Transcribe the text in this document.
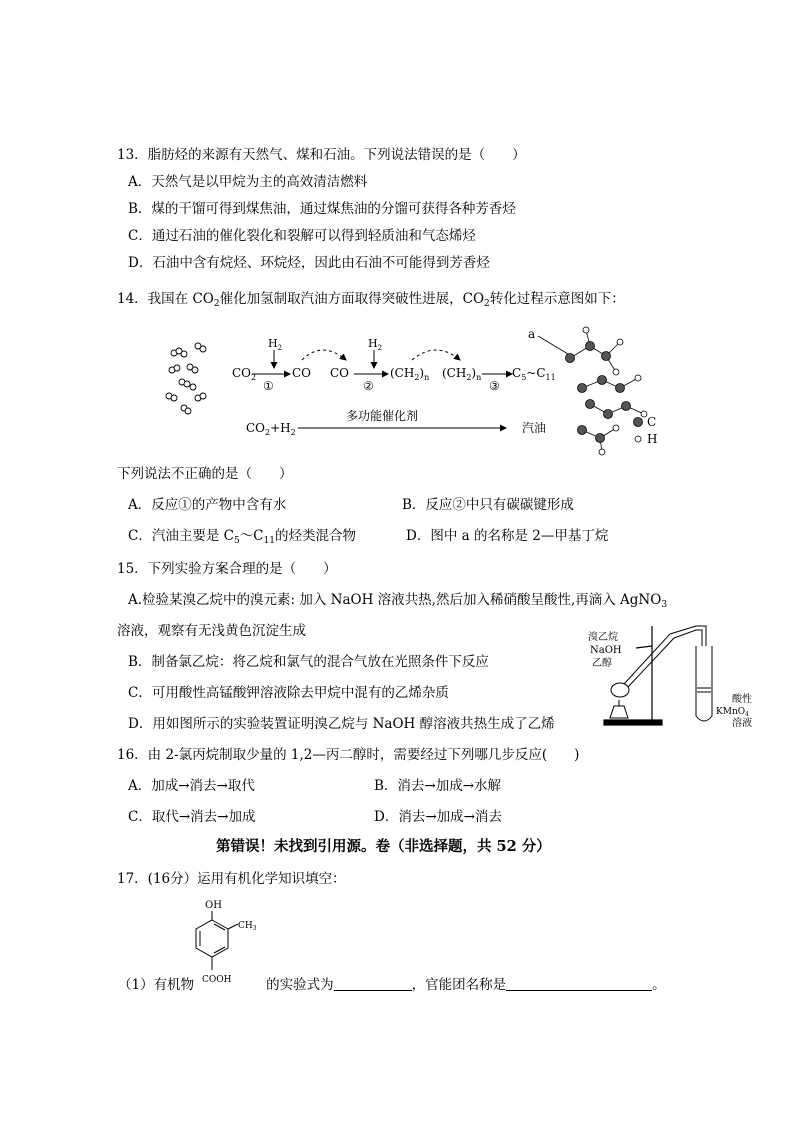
13．脂肪烃的来源有天然气、煤和石油。下列说法错误的是（　　）
A．天然气是以甲烷为主的高效清洁燃料
B．煤的干馏可得到煤焦油，通过煤焦油的分馏可获得各种芳香烃
C．通过石油的催化裂化和裂解可以得到轻质油和气态烯烃
D．石油中含有烷烃、环烷烃，因此由石油不可能得到芳香烃
14．我国在 $CO_2$催化加氢制取汽油方面取得突破性进展，$CO_2$转化过程示意图如下：
$CO_2$
$H_2$
①
CO CO
$H_2$
②
$(CH_2)_n$ $(CH_2)_n$
③
$C_5\sim C_{11}$
$CO_2+H_2$
多功能催化剂
汽油
a
C
H
下列说法不正确的是（　　）
A．反应①的产物中含有水	B．反应②中只有碳碳键形成
C．汽油主要是 $C_5\sim C_{11}$的烃类混合物	D．图中 a 的名称是 2—甲基丁烷
15．下列实验方案合理的是（　　）
A.检验某溴乙烷中的溴元素: 加入 NaOH 溶液共热,然后加入稀硝酸呈酸性,再滴入 AgNO$_3$
溶液，观察有无浅黄色沉淀生成
B．制备氯乙烷：将乙烷和氯气的混合气放在光照条件下反应
C．可用酸性高锰酸钾溶液除去甲烷中混有的乙烯杂质
D．用如图所示的实验装置证明溴乙烷与 NaOH 醇溶液共热生成了乙烯
溴乙烷
NaOH
乙醇
酸性
KMnO$_4$
溶液
16．由 2-氯丙烷制取少量的 1,2—丙二醇时，需要经过下列哪几步反应(　　)
A．加成→消去→取代	B．消去→加成→水解
C．取代→消去→加成	D．消去→加成→消去
第错误！未找到引用源。卷（非选择题，共 52 分）
17．(16分）运用有机化学知识填空：
OH
$CH_3$
COOH
（1）有机物	的实验式为	，官能团名称是	。
